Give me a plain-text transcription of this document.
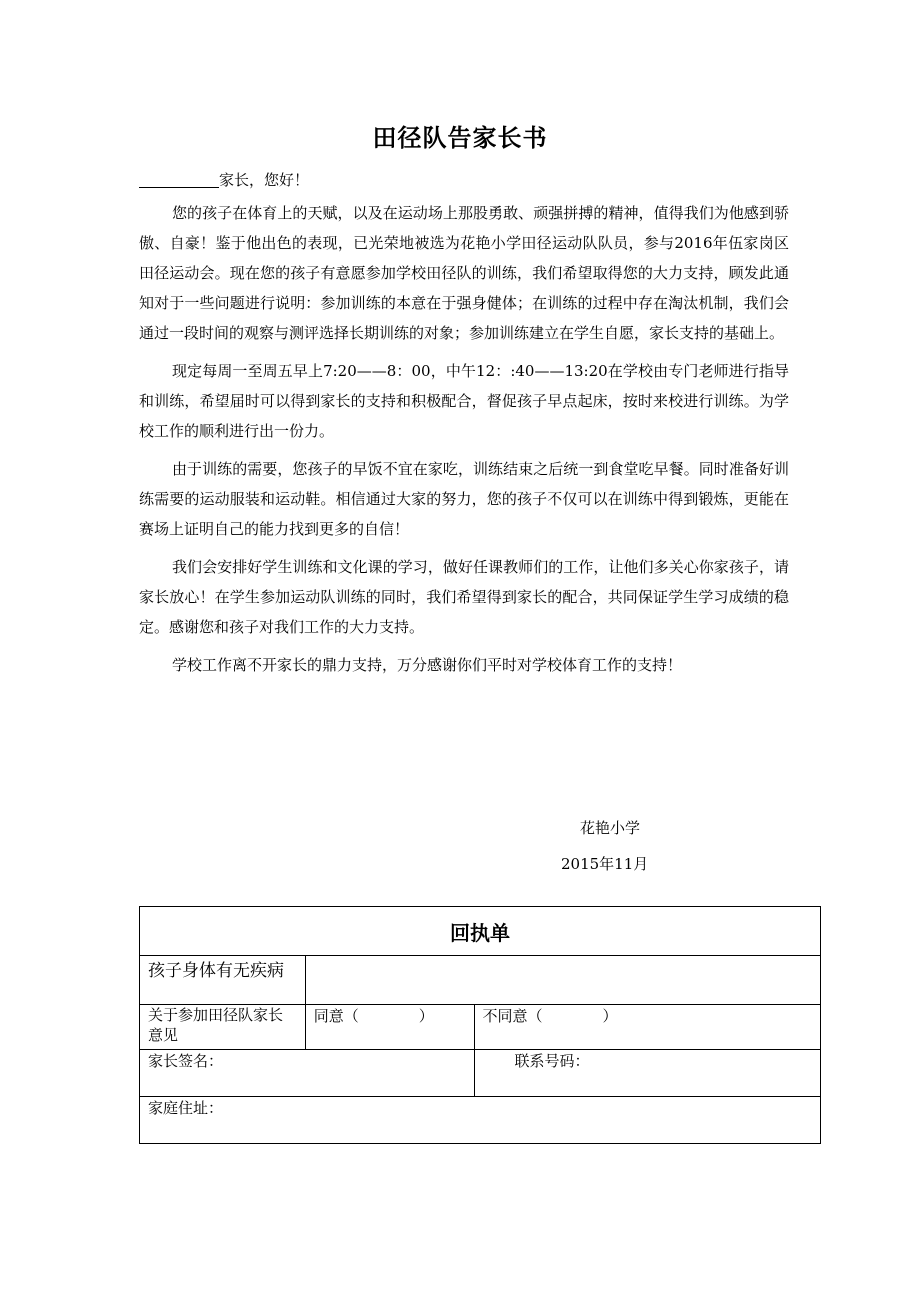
田径队告家长书
家长，您好！

您的孩子在体育上的天赋，以及在运动场上那股勇敢、顽强拼搏的精神，值得我们为他感到骄傲、自豪！鉴于他出色的表现，已光荣地被选为花艳小学田径运动队队员，参与2016年伍家岗区田径运动会。现在您的孩子有意愿参加学校田径队的训练，我们希望取得您的大力支持，顾发此通知对于一些问题进行说明：参加训练的本意在于强身健体；在训练的过程中存在淘汰机制，我们会通过一段时间的观察与测评选择长期训练的对象；参加训练建立在学生自愿，家长支持的基础上。

现定每周一至周五早上7:20——8：00，中午12：:40——13:20在学校由专门老师进行指导和训练，希望届时可以得到家长的支持和积极配合，督促孩子早点起床，按时来校进行训练。为学校工作的顺利进行出一份力。

由于训练的需要，您孩子的早饭不宜在家吃，训练结束之后统一到食堂吃早餐。同时准备好训练需要的运动服装和运动鞋。相信通过大家的努力，您的孩子不仅可以在训练中得到锻炼，更能在赛场上证明自己的能力找到更多的自信！

我们会安排好学生训练和文化课的学习，做好任课教师们的工作，让他们多关心你家孩子，请家长放心！在学生参加运动队训练的同时，我们希望得到家长的配合，共同保证学生学习成绩的稳定。感谢您和孩子对我们工作的大力支持。

学校工作离不开家长的鼎力支持，万分感谢你们平时对学校体育工作的支持！

花艳小学
2015年11月
回执单		
孩子身体有无疾病		
关于参加田径队家长意见	同意（　　　　）	不同意（　　　　）
家长签名：		联系号码：
家庭住址：		
